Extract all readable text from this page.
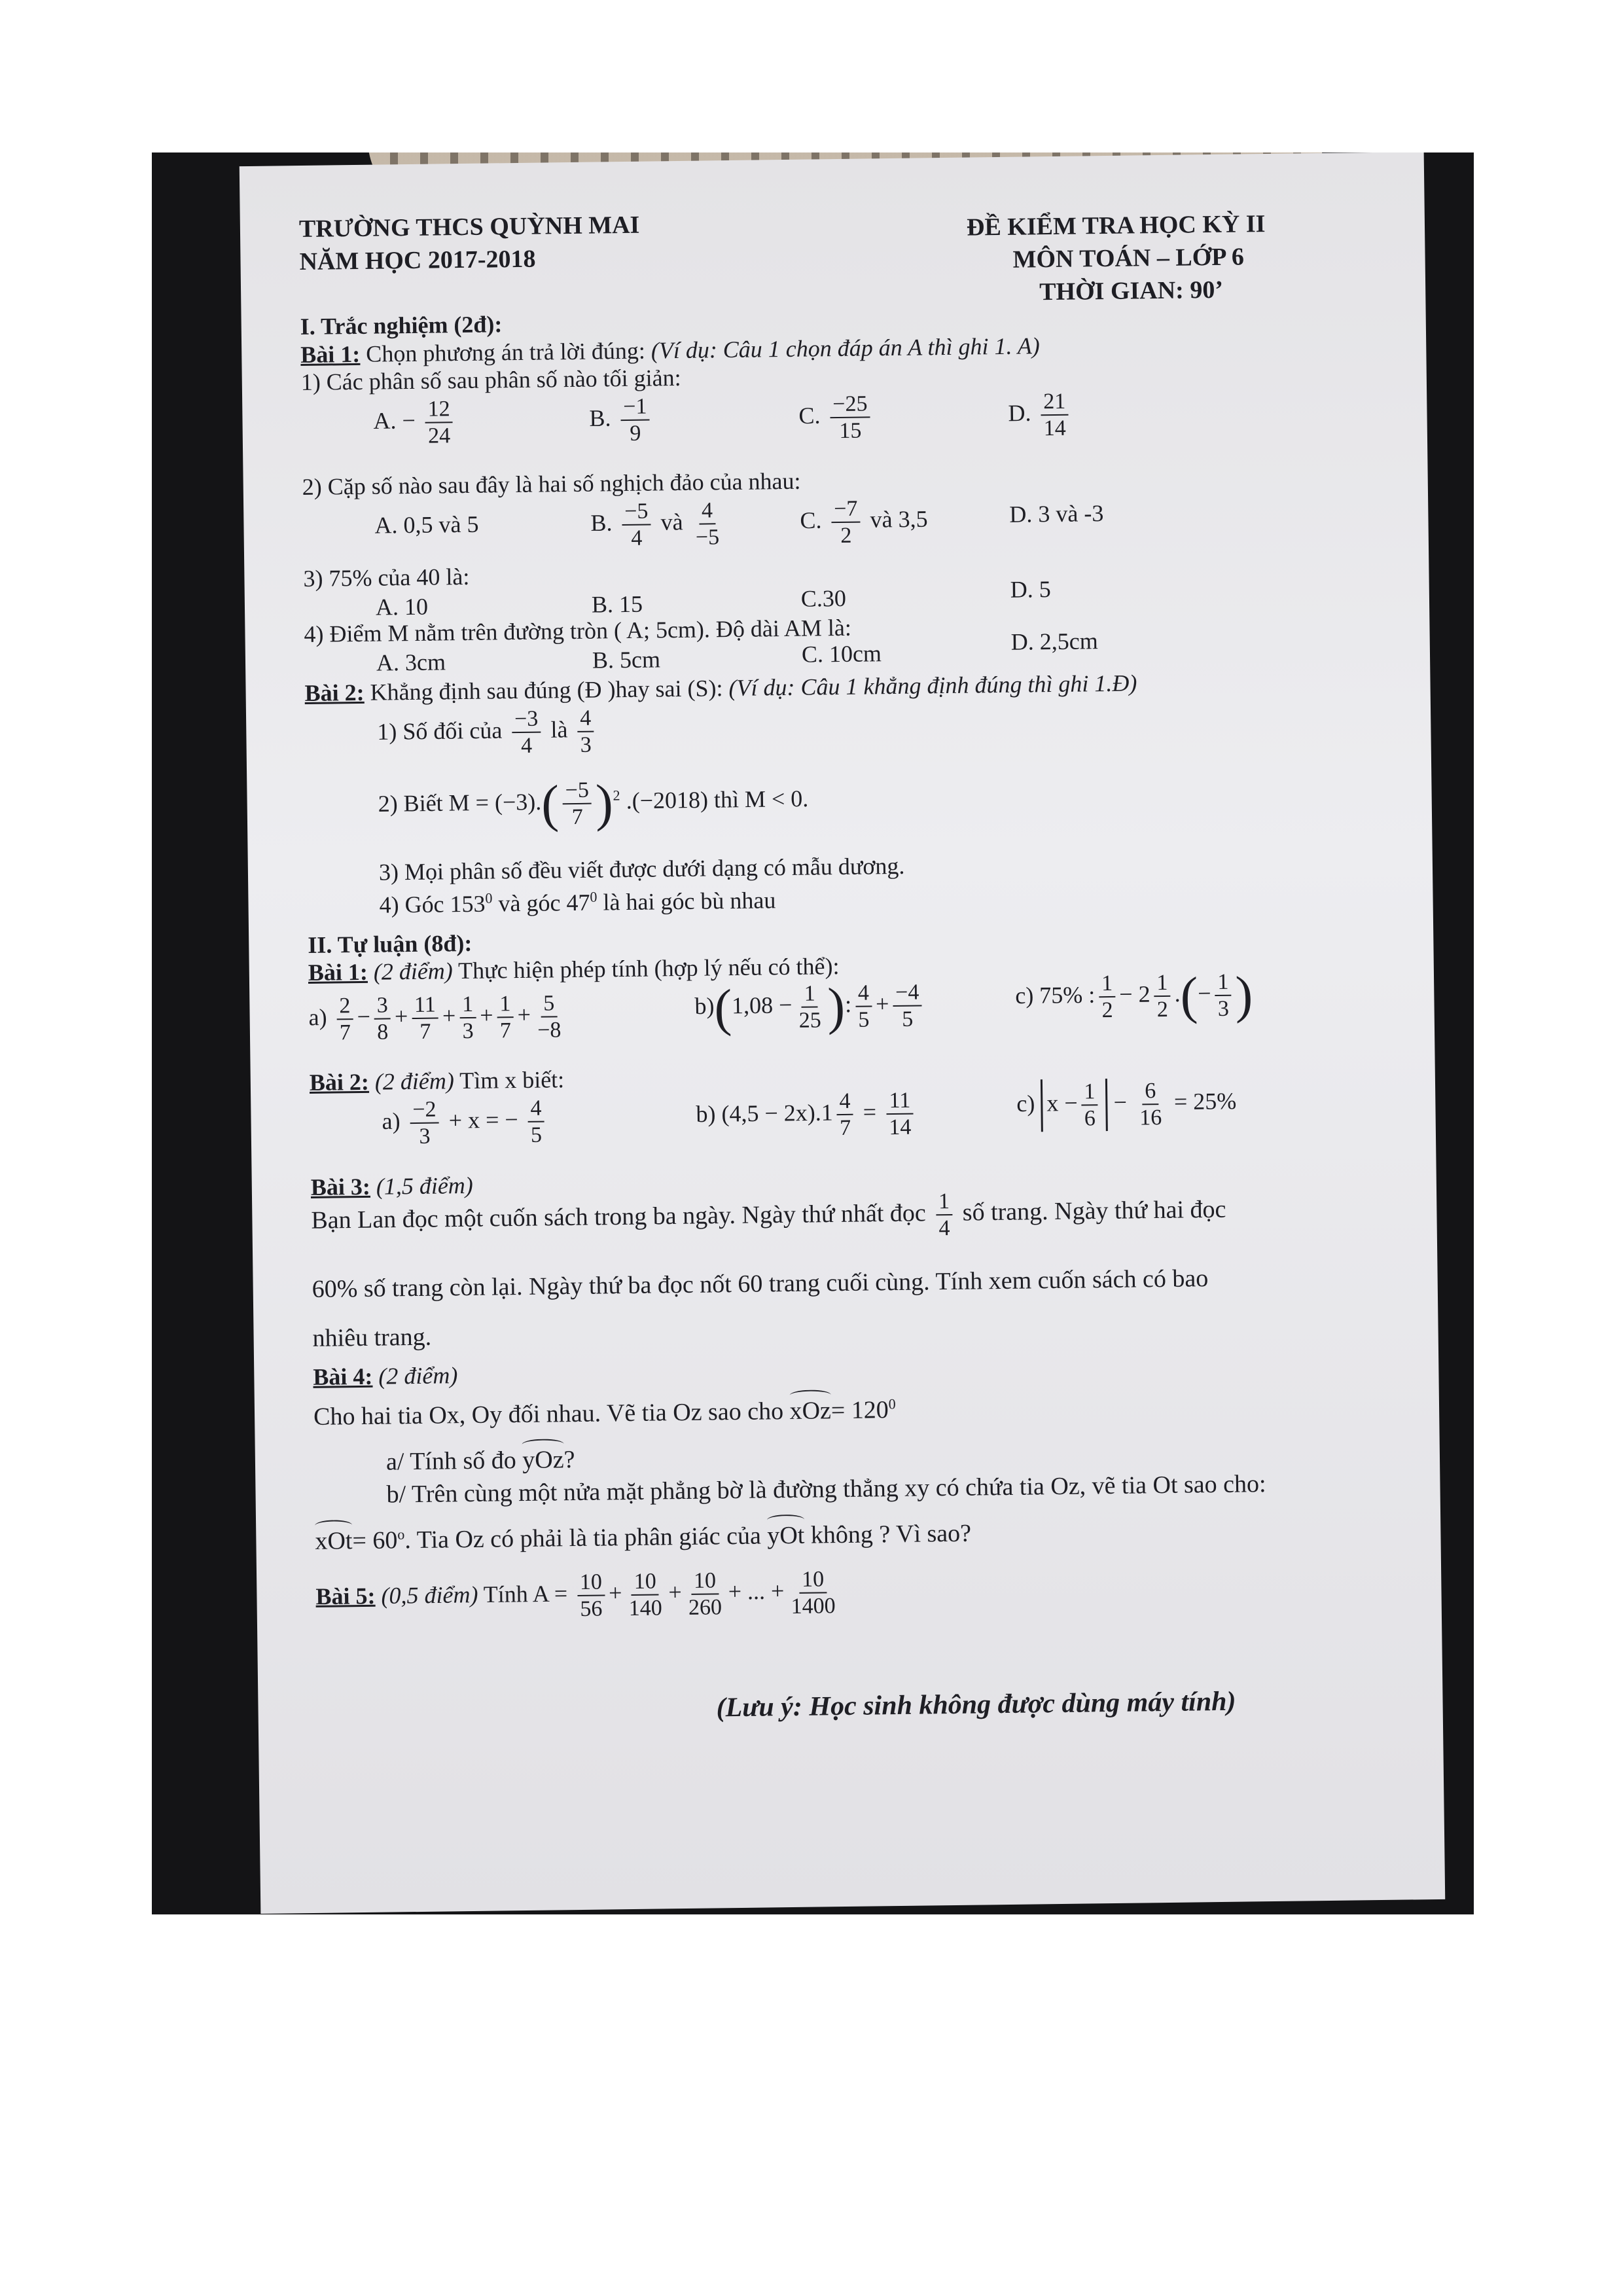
TRƯỜNG THCS QUỲNH MAI
NĂM HỌC 2017-2018
ĐỀ KIỂM TRA HỌC KỲ II
MÔN TOÁN – LỚP 6
THỜI GIAN: 90’
I. Trắc nghiệm (2đ):
Bài 1: Chọn phương án trả lời đúng: (Ví dụ: Câu 1 chọn đáp án A thì ghi 1. A)
1) Các phân số sau phân số nào tối giản:
A. − $\frac{12}{24}$	B. $\frac{-1}{9}$	C. $\frac{-25}{15}$	D. $\frac{21}{14}$
2) Cặp số nào sau đây là hai số nghịch đảo của nhau:
A. 0,5 và 5	B. $\frac{-5}{4}$ và $\frac{4}{-5}$	C. $\frac{-7}{2}$ và 3,5	D. 3 và -3
3) 75% của 40 là:
A. 10	B. 15	C.30	D. 5
4) Điểm M nằm trên đường tròn ( A; 5cm). Độ dài AM là:
A. 3cm	B. 5cm	C. 10cm	D. 2,5cm
Bài 2: Khẳng định sau đúng (Đ )hay sai (S): (Ví dụ: Câu 1 khẳng định đúng thì ghi 1.Đ)
1) Số đối của $\frac{-3}{4}$ là $\frac{4}{3}$
2) Biết $M = (-3).( \frac{-5}{7} )^2$ .(−2018) thì M < 0.
3) Mọi phân số đều viết được dưới dạng có mẫu dương.
4) Góc $153^0$ và góc $47^0$ là hai góc bù nhau
II. Tự luận (8đ):
Bài 1: (2 điểm) Thực hiện phép tính (hợp lý nếu có thể):
$a) \frac{2}{7} - \frac{3}{8} + \frac{11}{7} + \frac{1}{3} + \frac{1}{7} + \frac{5}{-8}$	$b)(1,08 - \frac{1}{25}$ ): $\frac{4}{5} + \frac{-4}{5}$	c) 75% : $\frac{1}{2} - 2 \frac{1}{2}$ .(− $\frac{1}{3}$ )
Bài 2: (2 điểm) Tìm x biết:
$a) \frac{-2}{3} + x$ = − $\frac{4}{5}$	b) $(4,5 - 2x).1 \frac{4}{7} = \frac{11}{14}$	c) $x - \frac{1}{6} - \frac{6}{16} = 25\%$
Bài 3: (1,5 điểm)
Bạn Lan đọc một cuốn sách trong ba ngày. Ngày thứ nhất đọc $\frac{1}{4}$ số trang. Ngày thứ hai đọc
60% số trang còn lại. Ngày thứ ba đọc nốt 60 trang cuối cùng. Tính xem cuốn sách có bao
nhiêu trang.
Bài 4: (2 điểm)
Cho hai tia Ox, Oy đối nhau. Vẽ tia Oz sao cho $xOz= 120^0$
a/ Tính số đo yOz?
b/ Trên cùng một nửa mặt phẳng bờ là đường thẳng xy có chứa tia Oz, vẽ tia Ot sao cho:
$xOt= 60^o$. Tia Oz có phải là tia phân giác của yOt không ? Vì sao?
Bài 5: (0,5 điểm) Tính $A = \frac{10}{56} + \frac{10}{140} + \frac{10}{260}$ + ... + $\frac{10}{1400}$
(Lưu ý: Học sinh không được dùng máy tính)
